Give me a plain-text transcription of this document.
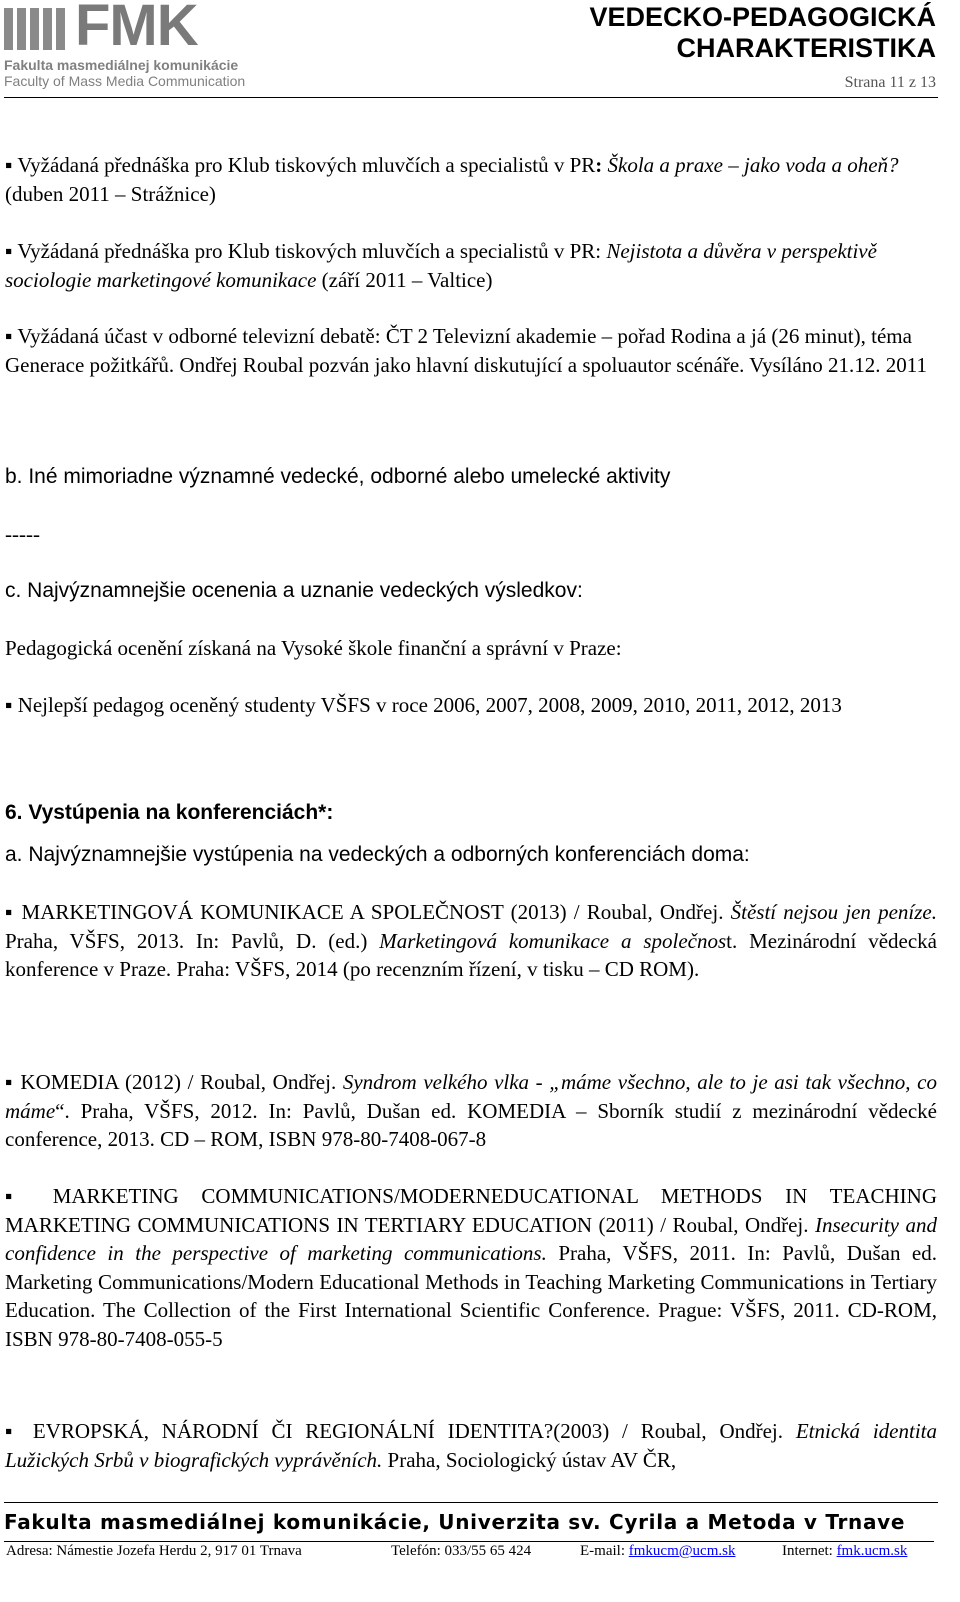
FMK
Fakulta masmediálnej komunikácie
Faculty of Mass Media Communication
VEDECKO-PEDAGOGICKÁ
CHARAKTERISTIKA
Strana 11 z 13
▪ Vyžádaná přednáška pro Klub tiskových mluvčích a specialistů v PR: Škola a praxe – jako voda a oheň? (duben 2011 – Strážnice)
▪ Vyžádaná přednáška pro Klub tiskových mluvčích a specialistů v PR: Nejistota a důvěra v perspektivě sociologie marketingové komunikace (září 2011 – Valtice)
▪ Vyžádaná účast v odborné televizní debatě: ČT 2 Televizní akademie – pořad Rodina a já (26 minut), téma Generace požitkářů. Ondřej Roubal pozván jako hlavní diskutující a spoluautor scénáře. Vysíláno 21.12. 2011
b. Iné mimoriadne významné vedecké, odborné alebo umelecké aktivity
-----
c. Najvýznamnejšie ocenenia a uznanie vedeckých výsledkov:
Pedagogická ocenění získaná na Vysoké škole finanční a správní v Praze:
▪ Nejlepší pedagog oceněný studenty VŠFS v roce 2006, 2007, 2008, 2009, 2010, 2011, 2012, 2013
6. Vystúpenia na konferenciách*:
a. Najvýznamnejšie vystúpenia na vedeckých a odborných konferenciách doma:
▪ MARKETINGOVÁ KOMUNIKACE A SPOLEČNOST (2013) / Roubal, Ondřej. Štěstí nejsou jen peníze. Praha, VŠFS, 2013. In: Pavlů, D. (ed.) Marketingová komunikace a společnost. Mezinárodní vědecká konference v Praze. Praha: VŠFS, 2014 (po recenzním řízení, v tisku – CD ROM).
▪ KOMEDIA (2012) / Roubal, Ondřej. Syndrom velkého vlka - „máme všechno, ale to je asi tak všechno, co máme“. Praha, VŠFS, 2012. In: Pavlů, Dušan ed. KOMEDIA – Sborník studií z mezinárodní vědecké conference, 2013. CD – ROM, ISBN 978-80-7408-067-8
▪ MARKETING COMMUNICATIONS/MODERNEDUCATIONAL METHODS IN TEACHING MARKETING COMMUNICATIONS IN TERTIARY EDUCATION (2011) / Roubal, Ondřej. Insecurity and confidence in the perspective of marketing communications. Praha, VŠFS, 2011. In: Pavlů, Dušan ed. Marketing Communications/Modern Educational Methods in Teaching Marketing Communications in Tertiary Education. The Collection of the First International Scientific Conference. Prague: VŠFS, 2011. CD-ROM, ISBN 978-80-7408-055-5
▪ EVROPSKÁ, NÁRODNÍ ČI REGIONÁLNÍ IDENTITA?(2003) / Roubal, Ondřej. Etnická identita Lužických Srbů v biografických vyprávěních. Praha, Sociologický ústav AV ČR,
Fakulta masmediálnej komunikácie, Univerzita sv. Cyrila a Metoda v Trnave
Adresa: Námestie Jozefa Herdu 2, 917 01 Trnava	Telefón: 033/55 65 424	E-mail: fmkucm@ucm.sk	Internet: fmk.ucm.sk
